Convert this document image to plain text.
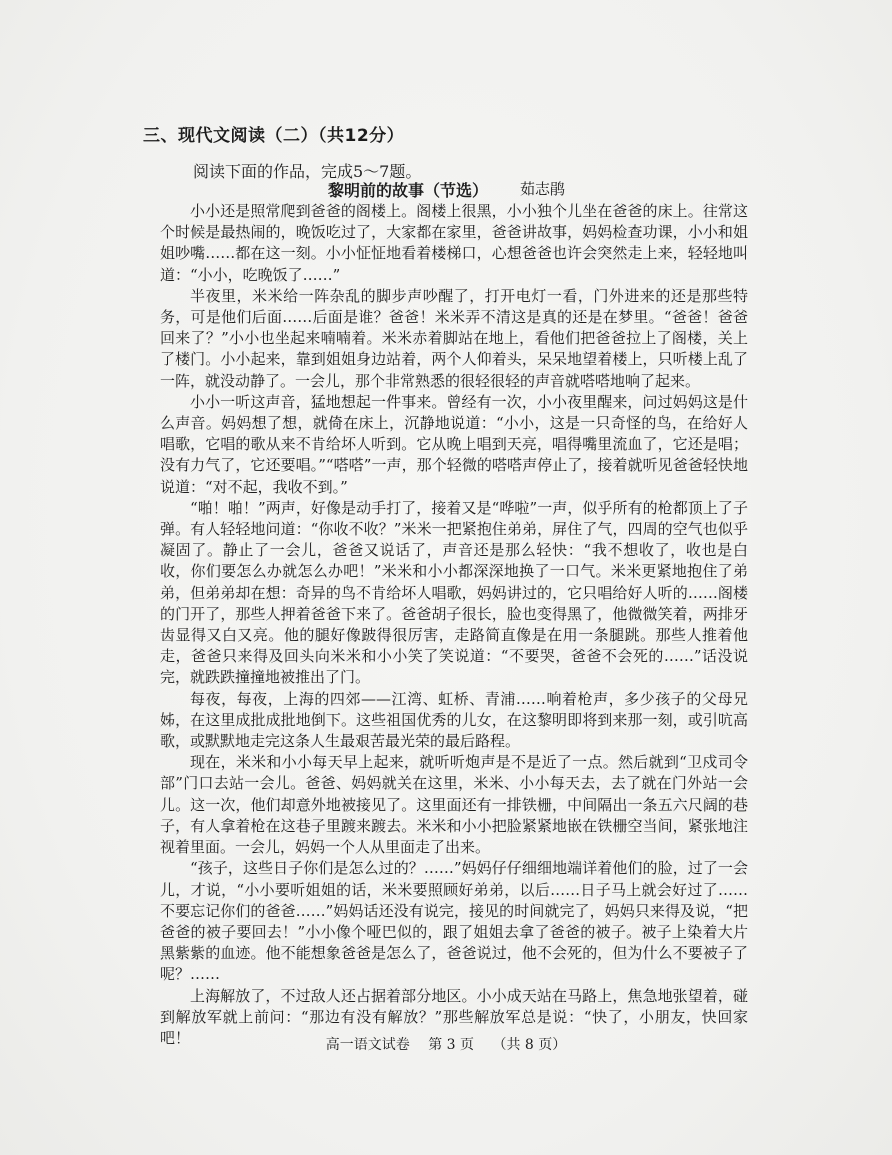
三、现代文阅读（二）（共12分）
阅读下面的作品，完成5～7题。
黎明前的故事（节选） 茹志鹃

小小还是照常爬到爸爸的阁楼上。阁楼上很黑，小小独个儿坐在爸爸的床上。往常这个时候是最热闹的，晚饭吃过了，大家都在家里，爸爸讲故事，妈妈检查功课，小小和姐姐吵嘴……都在这一刻。小小怔怔地看着楼梯口，心想爸爸也许会突然走上来，轻轻地叫道：“小小，吃晚饭了……”

半夜里，米米给一阵杂乱的脚步声吵醒了，打开电灯一看，门外进来的还是那些特务，可是他们后面……后面是谁？爸爸！米米弄不清这是真的还是在梦里。“爸爸！爸爸回来了？”小小也坐起来喃喃着。米米赤着脚站在地上，看他们把爸爸拉上了阁楼，关上了楼门。小小起来，靠到姐姐身边站着，两个人仰着头，呆呆地望着楼上，只听楼上乱了一阵，就没动静了。一会儿，那个非常熟悉的很轻很轻的声音就嗒嗒地响了起来。

小小一听这声音，猛地想起一件事来。曾经有一次，小小夜里醒来，问过妈妈这是什么声音。妈妈想了想，就倚在床上，沉静地说道：“小小，这是一只奇怪的鸟，在给好人唱歌，它唱的歌从来不肯给坏人听到。它从晚上唱到天亮，唱得嘴里流血了，它还是唱；没有力气了，它还要唱。”“嗒嗒”一声，那个轻微的嗒嗒声停止了，接着就听见爸爸轻快地说道：“对不起，我收不到。”

“啪！啪！”两声，好像是动手打了，接着又是“哗啦”一声，似乎所有的枪都顶上了子弹。有人轻轻地问道：“你收不收？”米米一把紧抱住弟弟，屏住了气，四周的空气也似乎凝固了。静止了一会儿，爸爸又说话了，声音还是那么轻快：“我不想收了，收也是白收，你们要怎么办就怎么办吧！”米米和小小都深深地换了一口气。米米更紧地抱住了弟弟，但弟弟却在想：奇异的鸟不肯给坏人唱歌，妈妈讲过的，它只唱给好人听的……阁楼的门开了，那些人押着爸爸下来了。爸爸胡子很长，脸也变得黑了，他微微笑着，两排牙齿显得又白又亮。他的腿好像跛得很厉害，走路简直像是在用一条腿跳。那些人推着他走，爸爸只来得及回头向米米和小小笑了笑说道：“不要哭，爸爸不会死的……”话没说完，就跌跌撞撞地被推出了门。

每夜，每夜，上海的四郊——江湾、虹桥、青浦……响着枪声，多少孩子的父母兄姊，在这里成批成批地倒下。这些祖国优秀的儿女，在这黎明即将到来那一刻，或引吭高歌，或默默地走完这条人生最艰苦最光荣的最后路程。

现在，米米和小小每天早上起来，就听听炮声是不是近了一点。然后就到“卫戍司令部”门口去站一会儿。爸爸、妈妈就关在这里，米米、小小每天去，去了就在门外站一会儿。这一次，他们却意外地被接见了。这里面还有一排铁栅，中间隔出一条五六尺阔的巷子，有人拿着枪在这巷子里踱来踱去。米米和小小把脸紧紧地嵌在铁栅空当间，紧张地注视着里面。一会儿，妈妈一个人从里面走了出来。

“孩子，这些日子你们是怎么过的？……”妈妈仔仔细细地端详着他们的脸，过了一会儿，才说，“小小要听姐姐的话，米米要照顾好弟弟，以后……日子马上就会好过了……不要忘记你们的爸爸……”妈妈话还没有说完，接见的时间就完了，妈妈只来得及说，“把爸爸的被子要回去！”小小像个哑巴似的，跟了姐姐去拿了爸爸的被子。被子上染着大片黑紫紫的血迹。他不能想象爸爸是怎么了，爸爸说过，他不会死的，但为什么不要被子了呢？……

上海解放了，不过敌人还占据着部分地区。小小成天站在马路上，焦急地张望着，碰到解放军就上前问：“那边有没有解放？”那些解放军总是说：“快了，小朋友，快回家吧！	高一语文试卷 第 3 页 （共 8 页）
